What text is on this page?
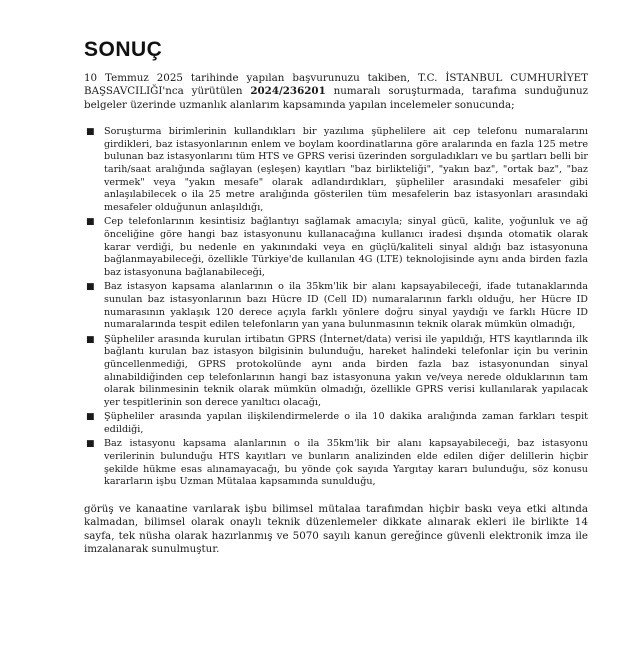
SONUÇ

10 Temmuz 2025 tarihinde yapılan başvurunuzu takiben, T.C. İSTANBUL CUMHURİYET BAŞSAVCILIĞI'nca yürütülen 2024/236201 numaralı soruşturmada, tarafıma sunduğunuz belgeler üzerinde uzmanlık alanlarım kapsamında yapılan incelemeler sonucunda;

■ Soruşturma birimlerinin kullandıkları bir yazılıma şüphelilere ait cep telefonu numaralarını girdikleri, baz istasyonlarının enlem ve boylam koordinatlarına göre aralarında en fazla 125 metre bulunan baz istasyonlarını tüm HTS ve GPRS verisi üzerinden sorguladıkları ve bu şartları belli bir tarih/saat aralığında sağlayan (eşleşen) kayıtları "baz birlikteliği", "yakın baz", "ortak baz", "baz vermek" veya "yakın mesafe" olarak adlandırdıkları, şüpheliler arasındaki mesafeler gibi anlaşılabilecek o ila 25 metre aralığında gösterilen tüm mesafelerin baz istasyonları arasındaki mesafeler olduğunun anlaşıldığı,
■ Cep telefonlarının kesintisiz bağlantıyı sağlamak amacıyla; sinyal gücü, kalite, yoğunluk ve ağ önceliğine göre hangi baz istasyonunu kullanacağına kullanıcı iradesi dışında otomatik olarak karar verdiği, bu nedenle en yakınındaki veya en güçlü/kaliteli sinyal aldığı baz istasyonuna bağlanmayabileceği, özellikle Türkiye'de kullanılan 4G (LTE) teknolojisinde aynı anda birden fazla baz istasyonuna bağlanabileceği,
■ Baz istasyon kapsama alanlarının o ila 35km'lik bir alanı kapsayabileceği, ifade tutanaklarında sunulan baz istasyonlarının bazı Hücre ID (Cell ID) numaralarının farklı olduğu, her Hücre ID numarasının yaklaşık 120 derece açıyla farklı yönlere doğru sinyal yaydığı ve farklı Hücre ID numaralarında tespit edilen telefonların yan yana bulunmasının teknik olarak mümkün olmadığı,
■ Şüpheliler arasında kurulan irtibatın GPRS (İnternet/data) verisi ile yapıldığı, HTS kayıtlarında ilk bağlantı kurulan baz istasyon bilgisinin bulunduğu, hareket halindeki telefonlar için bu verinin güncellenmediği, GPRS protokolünde aynı anda birden fazla baz istasyonundan sinyal alınabildiğinden cep telefonlarının hangi baz istasyonuna yakın ve/veya nerede olduklarının tam olarak bilinmesinin teknik olarak mümkün olmadığı, özellikle GPRS verisi kullanılarak yapılacak yer tespitlerinin son derece yanıltıcı olacağı,
■ Şüpheliler arasında yapılan ilişkilendirmelerde o ila 10 dakika aralığında zaman farkları tespit edildiği,
■ Baz istasyonu kapsama alanlarının o ila 35km'lik bir alanı kapsayabileceği, baz istasyonu verilerinin bulunduğu HTS kayıtları ve bunların analizinden elde edilen diğer delillerin hiçbir şekilde hükme esas alınamayacağı, bu yönde çok sayıda Yargıtay kararı bulunduğu, söz konusu kararların işbu Uzman Mütalaa kapsamında sunulduğu,

görüş ve kanaatine varılarak işbu bilimsel mütalaa tarafımdan hiçbir baskı veya etki altında kalmadan, bilimsel olarak onaylı teknik düzenlemeler dikkate alınarak ekleri ile birlikte 14 sayfa, tek nüsha olarak hazırlanmış ve 5070 sayılı kanun gereğince güvenli elektronik imza ile imzalanarak sunulmuştur.
